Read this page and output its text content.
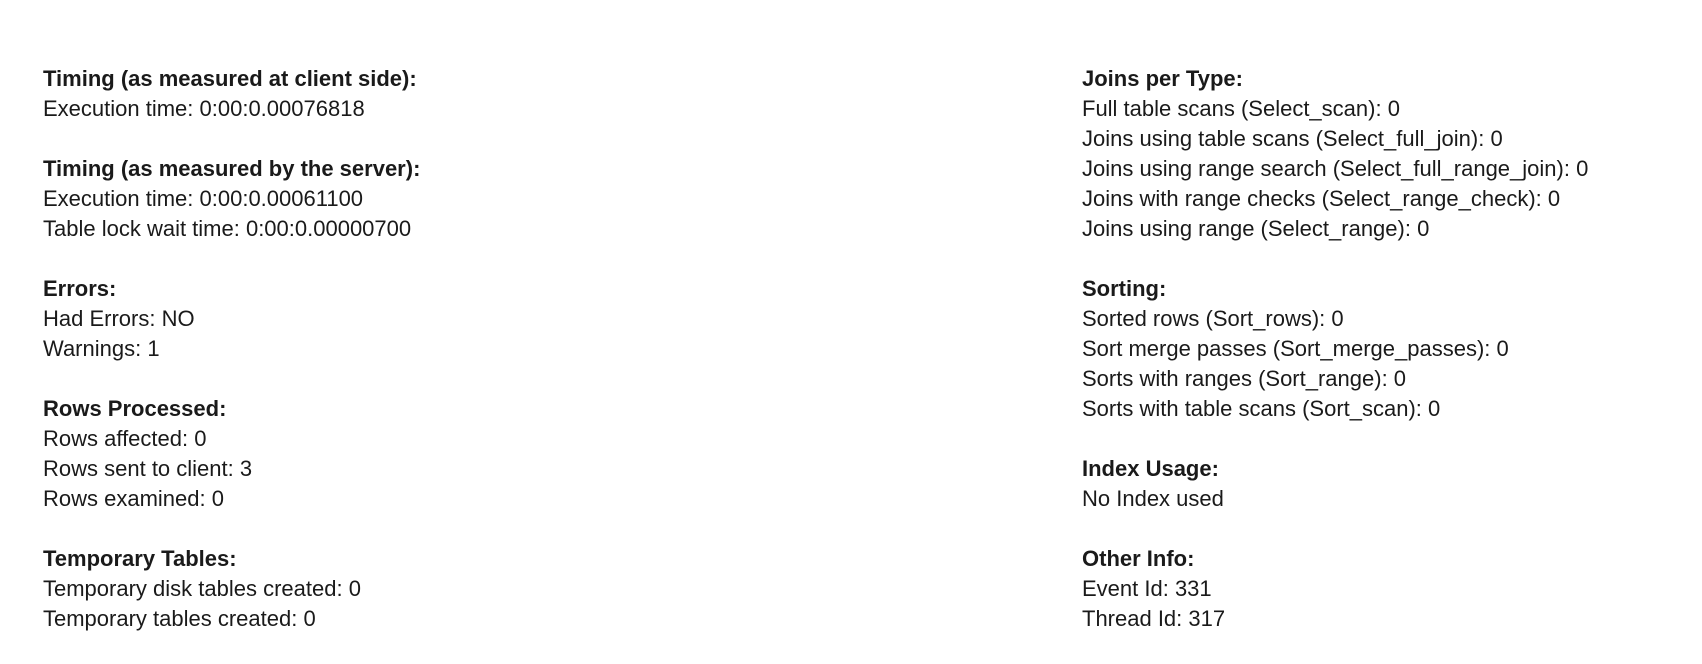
Timing (as measured at client side):
Execution time: 0:00:0.00076818
Timing (as measured by the server):
Execution time: 0:00:0.00061100
Table lock wait time: 0:00:0.00000700
Errors:
Had Errors: NO
Warnings: 1
Rows Processed:
Rows affected: 0
Rows sent to client: 3
Rows examined: 0
Temporary Tables:
Temporary disk tables created: 0
Temporary tables created: 0
Joins per Type:
Full table scans (Select_scan): 0
Joins using table scans (Select_full_join): 0
Joins using range search (Select_full_range_join): 0
Joins with range checks (Select_range_check): 0
Joins using range (Select_range): 0
Sorting:
Sorted rows (Sort_rows): 0
Sort merge passes (Sort_merge_passes): 0
Sorts with ranges (Sort_range): 0
Sorts with table scans (Sort_scan): 0
Index Usage:
No Index used
Other Info:
Event Id: 331
Thread Id: 317
